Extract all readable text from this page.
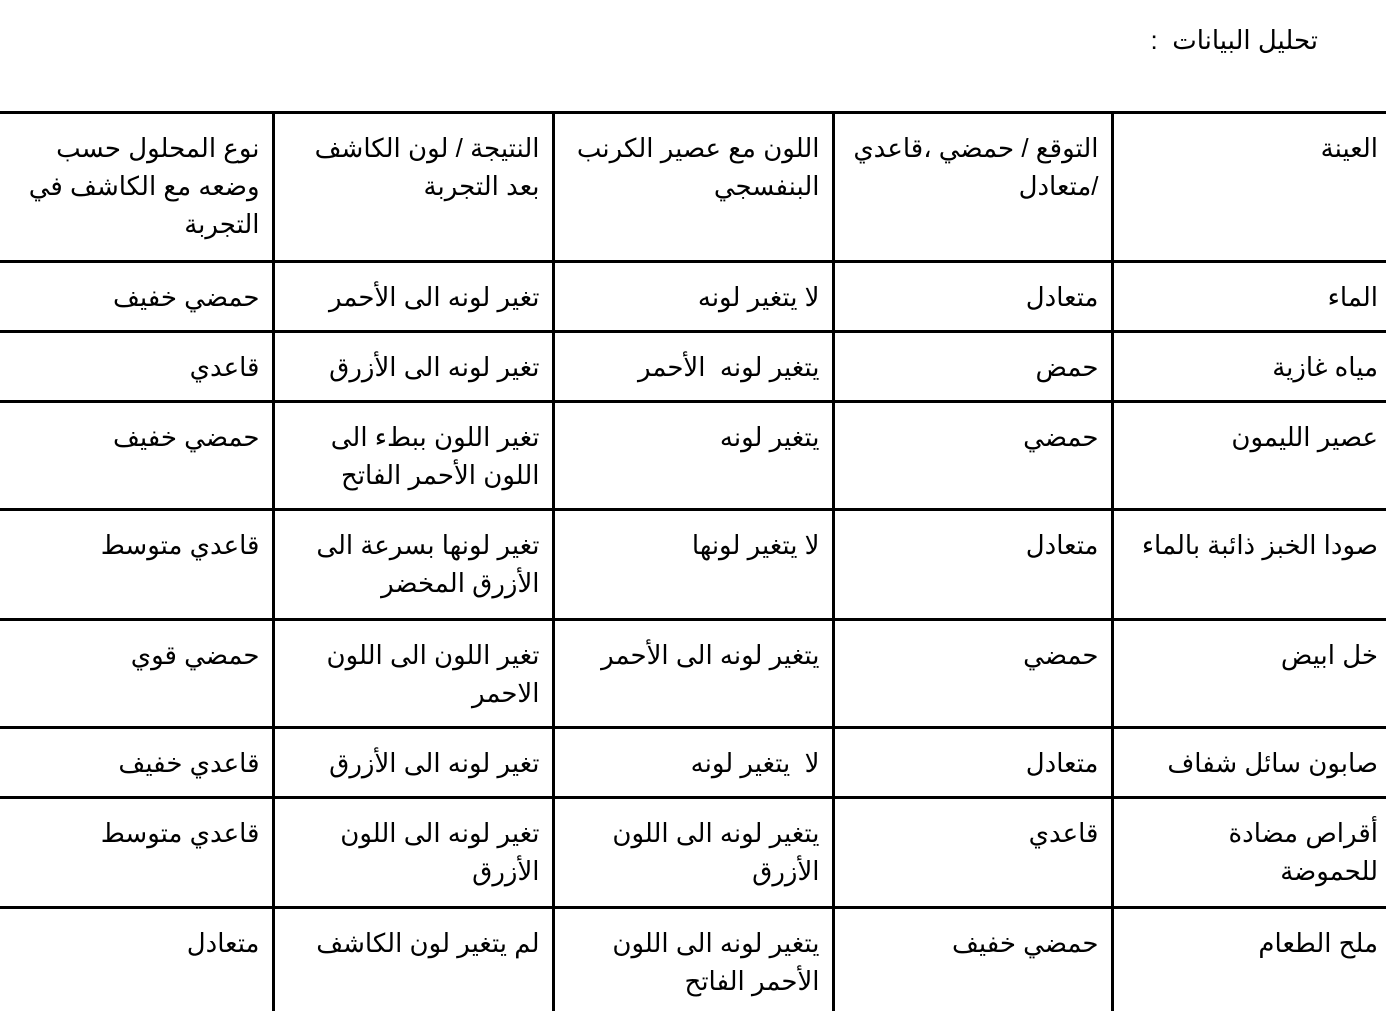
تحليل البيانات  :
العينة	التوقع / حمضي ،قاعدي /متعادل	اللون مع عصير الكرنب البنفسجي	النتيجة / لون الكاشف بعد التجربة	نوع المحلول حسب وضعه مع الكاشف في التجربة
الماء	متعادل	لا يتغير لونه	تغير لونه الى الأحمر	حمضي خفيف
مياه غازية	حمض	يتغير لونه  الأحمر	تغير لونه الى الأزرق	قاعدي
عصير الليمون	حمضي	يتغير لونه	تغير اللون ببطء الى اللون الأحمر الفاتح	حمضي خفيف
صودا الخبز ذائبة بالماء	متعادل	لا يتغير لونها	تغير لونها بسرعة الى الأزرق المخضر	قاعدي متوسط
خل ابيض	حمضي	يتغير لونه الى الأحمر	تغير اللون الى اللون الاحمر	حمضي قوي
صابون سائل شفاف	متعادل	لا  يتغير لونه	تغير لونه الى الأزرق	قاعدي خفيف
أقراص مضادة للحموضة	قاعدي	يتغير لونه الى اللون الأزرق	تغير لونه الى اللون الأزرق	قاعدي متوسط
ملح الطعام	حمضي خفيف	يتغير لونه الى اللون الأحمر الفاتح	لم يتغير لون الكاشف	متعادل
